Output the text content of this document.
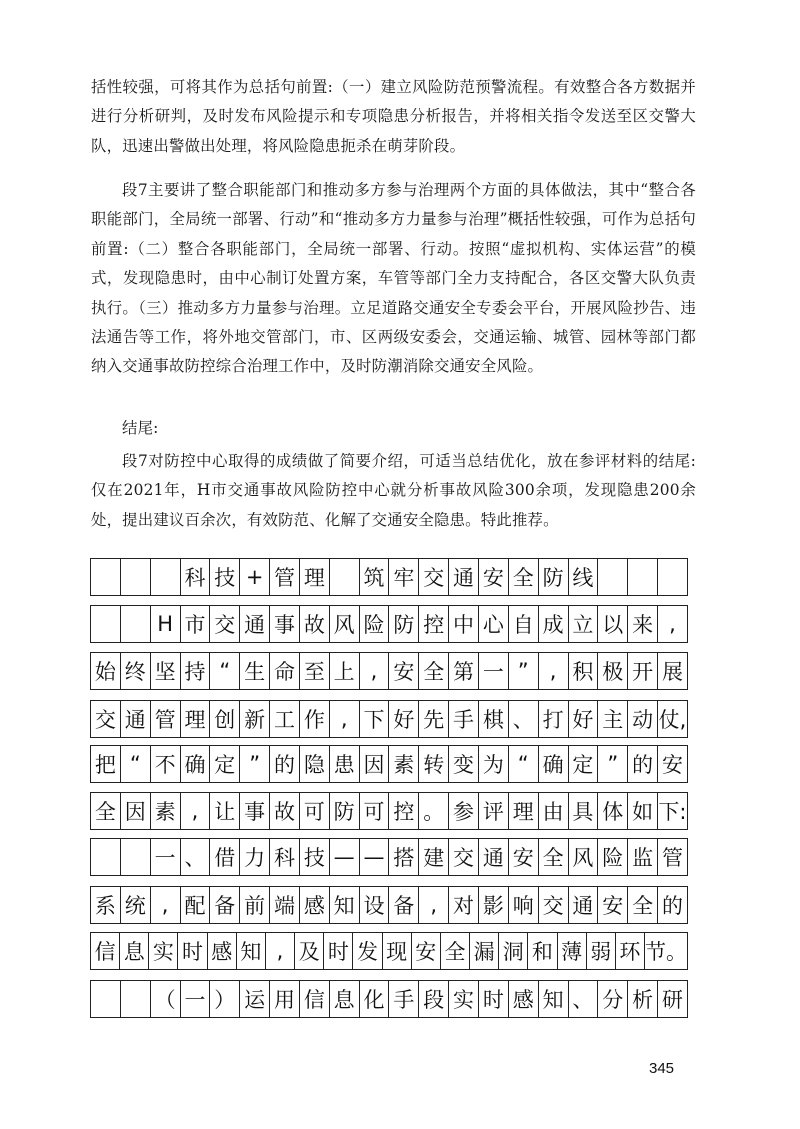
括性较强，可将其作为总括句前置:（一）建立风险防范预警流程。有效整合各方数据并进行分析研判，及时发布风险提示和专项隐患分析报告，并将相关指令发送至区交警大队，迅速出警做出处理，将风险隐患扼杀在萌芽阶段。

段7主要讲了整合职能部门和推动多方参与治理两个方面的具体做法，其中“整合各职能部门，全局统一部署、行动”和“推动多方力量参与治理”概括性较强，可作为总括句前置:（二）整合各职能部门，全局统一部署、行动。按照“虚拟机构、实体运营”的模式，发现隐患时，由中心制订处置方案，车管等部门全力支持配合，各区交警大队负责执行。（三）推动多方力量参与治理。立足道路交通安全专委会平台，开展风险抄告、违法通告等工作，将外地交管部门，市、区两级安委会，交通运输、城管、园林等部门都纳入交通事故防控综合治理工作中，及时防潮消除交通安全风险。

结尾:

段7对防控中心取得的成绩做了简要介绍，可适当总结优化，放在参评材料的结尾:仅在2021年，H市交通事故风险防控中心就分析事故风险300余项，发现隐患200余处，提出建议百余次，有效防范、化解了交通安全隐患。特此推荐。

科 技 + 管 理 筑 牢 交 通 安 全 防 线
H 市 交 通 事 故 风 险 防 控 中 心 自 成 立 以 来 ,
始 终 坚 持 “ 生 命 至 上 , 安 全 第 一 ”	, 积 极 开 展
交 通 管 理 创 新 工 作 , 下 好 先 手 棋 、 打 好 主 动 仗,
把 “ 不 确 定 ” 的 隐 患 因 素 转 变 为 “ 确 定 ” 的 安
全 因 素 , 让 事 故 可 防 可 控 。 参 评 理 由 具 体 如 下:
一 、 借 力 科 技 — — 搭 建 交 通 安 全 风 险 监 管
系 统 , 配 备 前 端 感 知 设 备 , 对 影 响 交 通 安 全 的
信 息 实 时 感 知 , 及 时 发 现 安 全 漏 洞 和 薄 弱 环 节。
（ 一 ） 运 用 信 息 化 手 段 实 时 感 知 、 分 析 研
345
